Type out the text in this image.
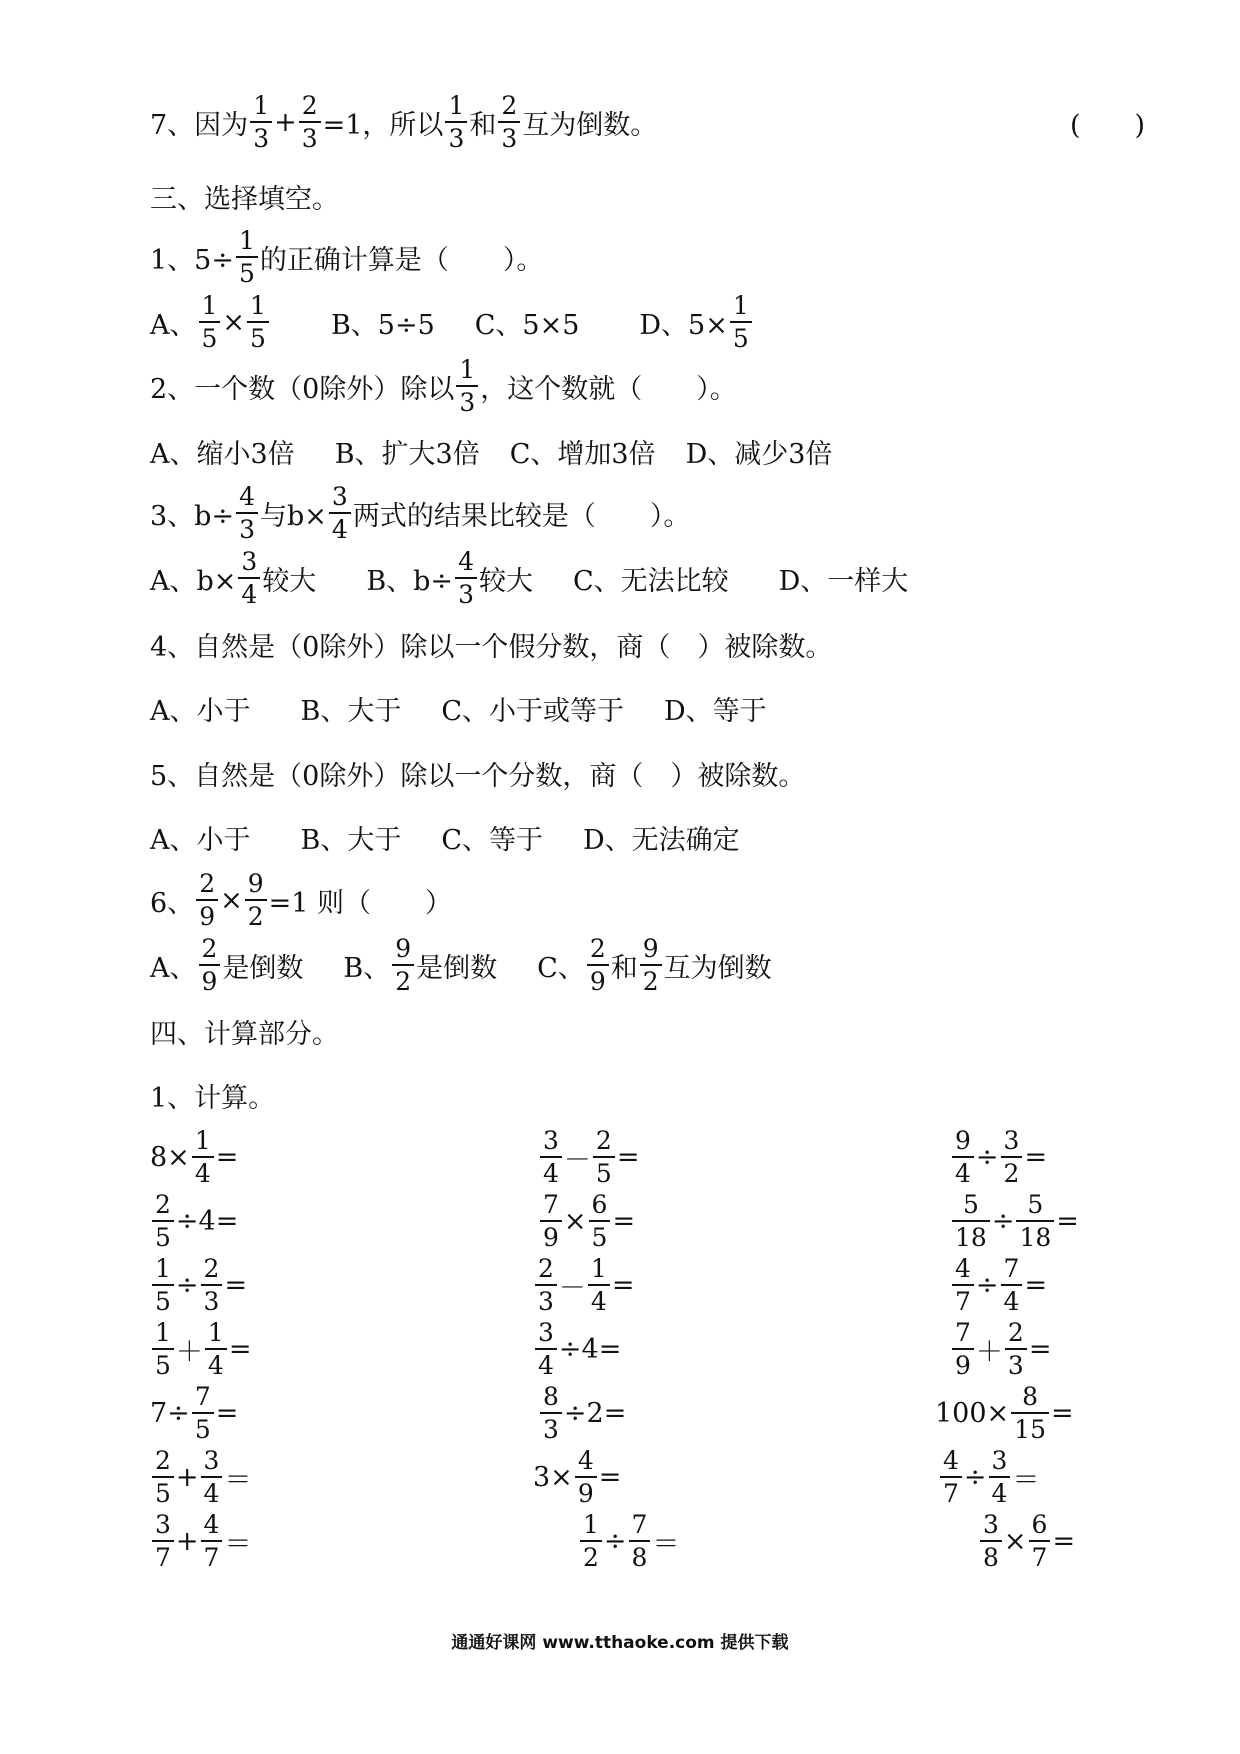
7、因为 $\frac{1}{3} + \frac{2}{3} =1$，所以 $\frac{1}{3}$ 和 $\frac{2}{3}$ 互为倒数。	(　　)
三、选择填空。
1、$5\div \frac{1}{5}$ 的正确计算是（　　）。
A、 $\frac{1}{5} \times \frac{1}{5}$ B、5÷5 C、5×5 D、$5\times \frac{1}{5}$
2、一个数（0除外）除以 $\frac{1}{3}$ ，这个数就（　　）。
A、缩小3倍 B、扩大3倍 C、增加3倍 D、减少3倍
3、$b\div \frac{4}{3}$ 与$b\times \frac{3}{4}$ 两式的结果比较是（　　）。
A、$b\times \frac{3}{4}$ 较大 B、$b\div \frac{4}{3}$ 较大 C、无法比较 D、一样大
4、自然是（0除外）除以一个假分数，商（　）被除数。
A、小于 B、大于 C、小于或等于 D、等于
5、自然是（0除外）除以一个分数，商（　）被除数。
A、小于 B、大于 C、等于 D、无法确定
6、 $\frac{2}{9} \times \frac{9}{2} =1$ 则（　　）
A、 $\frac{2}{9}$ 是倒数 B、 $\frac{9}{2}$ 是倒数 C、 $\frac{2}{9}$ 和 $\frac{9}{2}$ 互为倒数
四、计算部分。
1、计算。
$8\times \frac{1}{4}$ =	$\frac{3}{4} - \frac{2}{5}$ =	$\frac{9}{4} \div \frac{3}{2}$ =
$\frac{2}{5} \div 4=$	$\frac{7}{9} \times \frac{6}{5}$ =	$\frac{5}{18} \div \frac{5}{18}$ =
$\frac{1}{5} \div \frac{2}{3}$ =	$\frac{2}{3} - \frac{1}{4}$ =	$\frac{4}{7} \div \frac{7}{4}$ =
$\frac{1}{5} + \frac{1}{4}$ =	$\frac{3}{4} \div 4=$	$\frac{7}{9} + \frac{2}{3}$ =
$7\div \frac{7}{5}$ =	$\frac{8}{3} \div 2=$	$100\times \frac{8}{15}$ =
$\frac{2}{5} + \frac{3}{4}$ ＝	$3\times \frac{4}{9}$ =	$\frac{4}{7} \div \frac{3}{4}$ ＝
$\frac{3}{7} + \frac{4}{7}$ ＝	$\frac{1}{2} \div \frac{7}{8}$ ＝	$\frac{3}{8} \times \frac{6}{7}$ =
通通好课网 www.tthaoke.com 提供下载
